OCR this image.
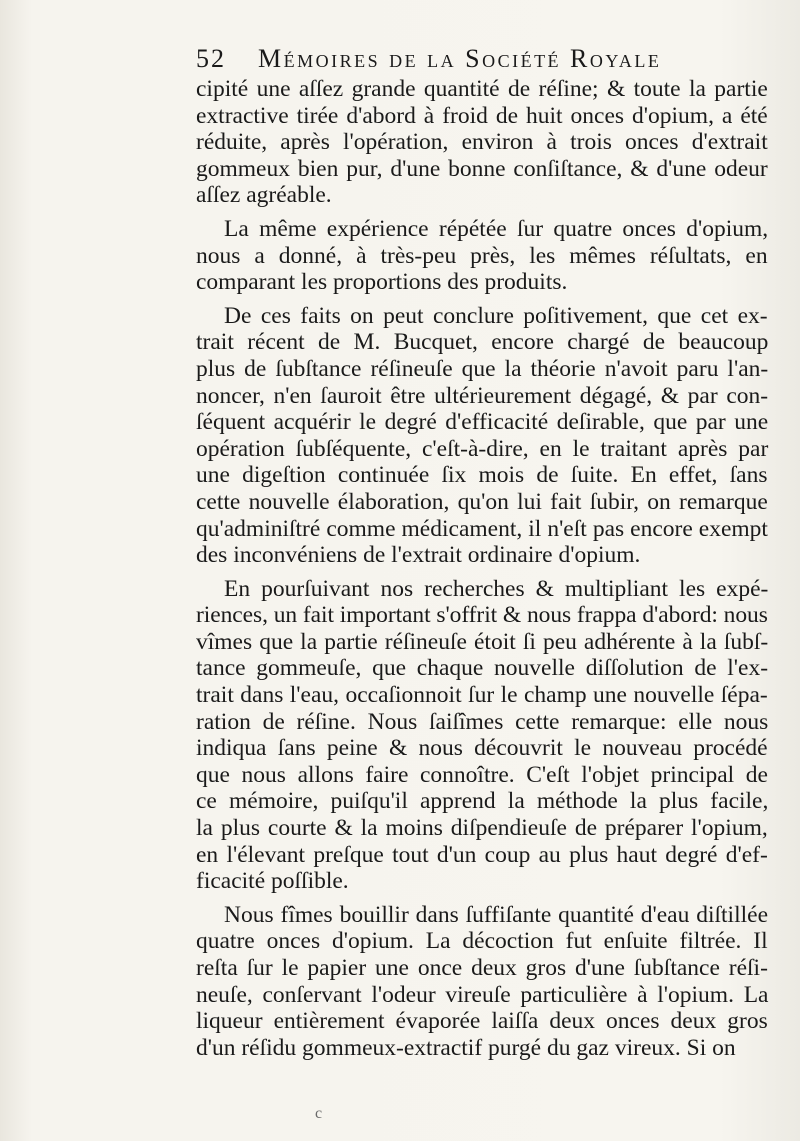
52 Mémoires de la Société Royale
cipité une aſſez grande quantité de réſine; & toute la partie
extractive tirée d'abord à froid de huit onces d'opium, a été
réduite, après l'opération, environ à trois onces d'extrait
gommeux bien pur, d'une bonne conſiſtance, & d'une odeur
aſſez agréable.
La même expérience répétée ſur quatre onces d'opium,
nous a donné, à très-peu près, les mêmes réſultats, en
comparant les proportions des produits.
De ces faits on peut conclure poſitivement, que cet ex-
trait récent de M. Bucquet, encore chargé de beaucoup
plus de ſubſtance réſineuſe que la théorie n'avoit paru l'an-
noncer, n'en ſauroit être ultérieurement dégagé, & par con-
ſéquent acquérir le degré d'efficacité deſirable, que par une
opération ſubſéquente, c'eſt-à-dire, en le traitant après par
une digeſtion continuée ſix mois de ſuite. En effet, ſans
cette nouvelle élaboration, qu'on lui fait ſubir, on remarque
qu'adminiſtré comme médicament, il n'eſt pas encore exempt
des inconvéniens de l'extrait ordinaire d'opium.
En pourſuivant nos recherches & multipliant les expé-
riences, un fait important s'offrit & nous frappa d'abord: nous
vîmes que la partie réſineuſe étoit ſi peu adhérente à la ſubſ-
tance gommeuſe, que chaque nouvelle diſſolution de l'ex-
trait dans l'eau, occaſionnoit ſur le champ une nouvelle ſépa-
ration de réſine. Nous ſaiſîmes cette remarque: elle nous
indiqua ſans peine & nous découvrit le nouveau procédé
que nous allons faire connoître. C'eſt l'objet principal de
ce mémoire, puiſqu'il apprend la méthode la plus facile,
la plus courte & la moins diſpendieuſe de préparer l'opium,
en l'élevant preſque tout d'un coup au plus haut degré d'ef-
ficacité poſſible.
Nous fîmes bouillir dans ſuffiſante quantité d'eau diſtillée
quatre onces d'opium. La décoction fut enſuite filtrée. Il
reſta ſur le papier une once deux gros d'une ſubſtance réſi-
neuſe, conſervant l'odeur vireuſe particulière à l'opium. La
liqueur entièrement évaporée laiſſa deux onces deux gros
d'un réſidu gommeux-extractif purgé du gaz vireux. Si on
c
